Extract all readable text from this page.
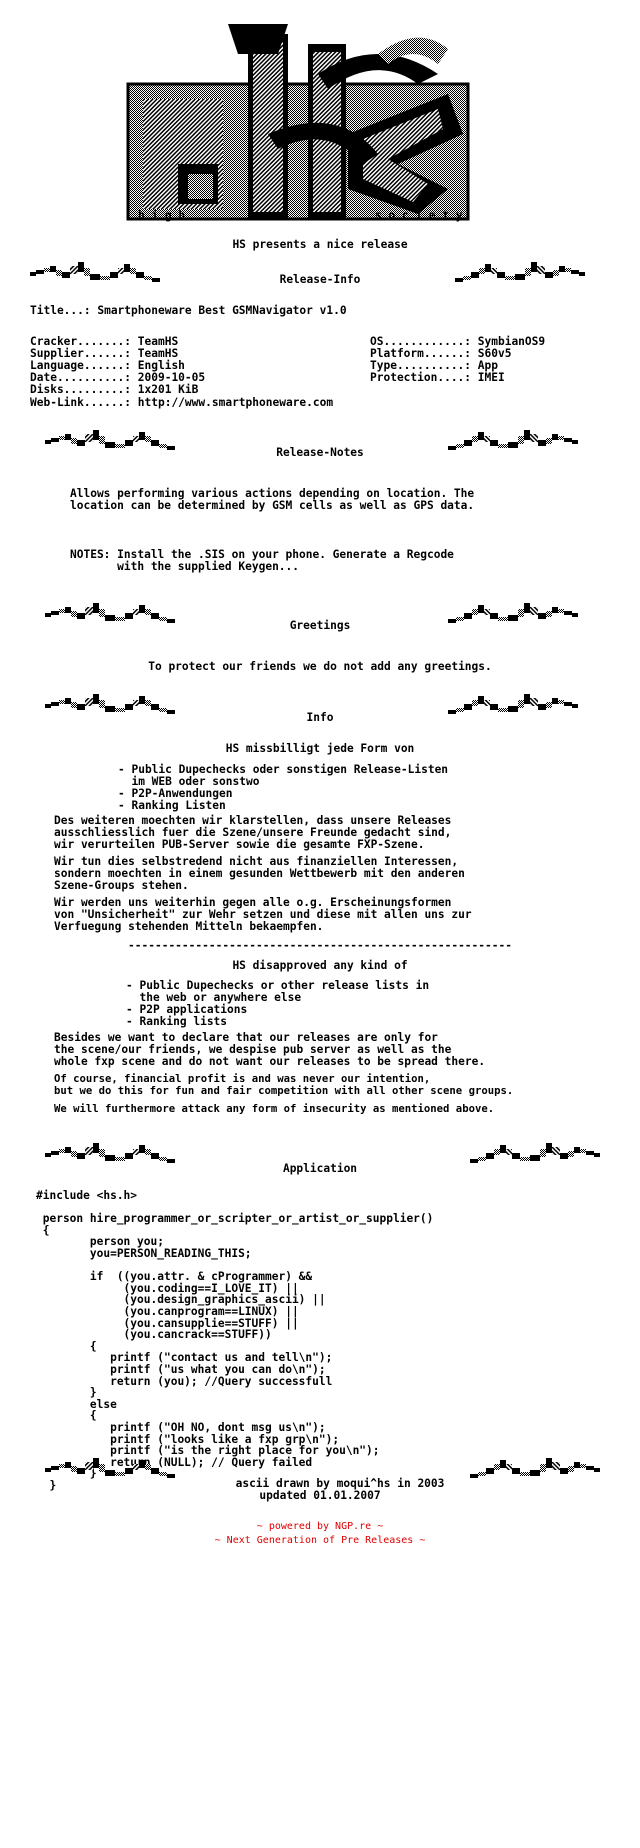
h i g h	s o c i e t y
HS presents a nice release
Release-Info
Title...: Smartphoneware Best GSMNavigator v1.0
Cracker.......: TeamHS
Supplier......: TeamHS
Language......: English
Date..........: 2009-10-05
Disks.........: 1x201 KiB
OS............: SymbianOS9
Platform......: S60v5
Type..........: App
Protection....: IMEI
Web-Link......: http://www.smartphoneware.com
Release-Notes
Allows performing various actions depending on location. The
location can be determined by GSM cells as well as GPS data.
NOTES: Install the .SIS on your phone. Generate a Regcode
with the supplied Keygen...
Greetings
To protect our friends we do not add any greetings.
Info
HS missbilligt jede Form von
- Public Dupechecks oder sonstigen Release-Listen
im WEB oder sonstwo
- P2P-Anwendungen
- Ranking Listen
Des weiteren moechten wir klarstellen, dass unsere Releases
ausschliesslich fuer die Szene/unsere Freunde gedacht sind,
wir verurteilen PUB-Server sowie die gesamte FXP-Szene.
Wir tun dies selbstredend nicht aus finanziellen Interessen,
sondern moechten in einem gesunden Wettbewerb mit den anderen
Szene-Groups stehen.
Wir werden uns weiterhin gegen alle o.g. Erscheinungsformen
von "Unsicherheit" zur Wehr setzen und diese mit allen uns zur
Verfuegung stehenden Mitteln bekaempfen.
---------------------------------------------------------
HS disapproved any kind of
- Public Dupechecks or other release lists in
the web or anywhere else
- P2P applications
- Ranking lists
Besides we want to declare that our releases are only for
the scene/our friends, we despise pub server as well as the
whole fxp scene and do not want our releases to be spread there.
Of course, financial profit is and was never our intention,
but we do this for fun and fair competition with all other scene groups.
We will furthermore attack any form of insecurity as mentioned above.
Application
#include <hs.h>
person hire_programmer_or_scripter_or_artist_or_supplier()
{
person you;
you=PERSON_READING_THIS;
if  ((you.attr. & cProgrammer) &&
(you.coding==I_LOVE_IT) ||
(you.design_graphics_ascii) ||
(you.canprogram==LINUX) ||
(you.cansupplie==STUFF) ||
(you.cancrack==STUFF))
{
printf ("contact us and tell\n");
printf ("us what you can do\n");
return (you); //Query successfull
}
else
{
printf ("OH NO, dont msg us\n");
printf ("looks like a fxp grp\n");
printf ("is the right place for you\n");
return (NULL); // Query failed
}
}	ascii drawn by moqui^hs in 2003
updated 01.01.2007
~ powered by NGP.re ~
~ Next Generation of Pre Releases ~
